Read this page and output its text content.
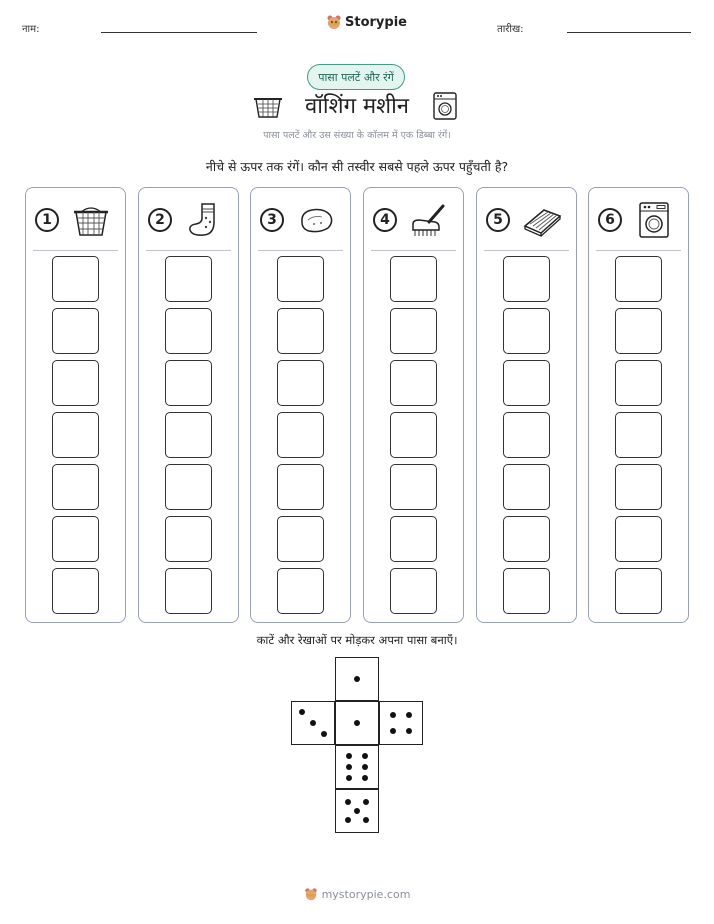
नाम:	Storypie	तारीख:
पासा पलटें और रंगें
वॉशिंग मशीन
पासा पलटें और उस संख्या के कॉलम में एक डिब्बा रंगें।
नीचे से ऊपर तक रंगें। कौन सी तस्वीर सबसे पहले ऊपर पहुँचती है?
1	2	3	4	5	6
काटें और रेखाओं पर मोड़कर अपना पासा बनाएँ।
mystorypie.com
